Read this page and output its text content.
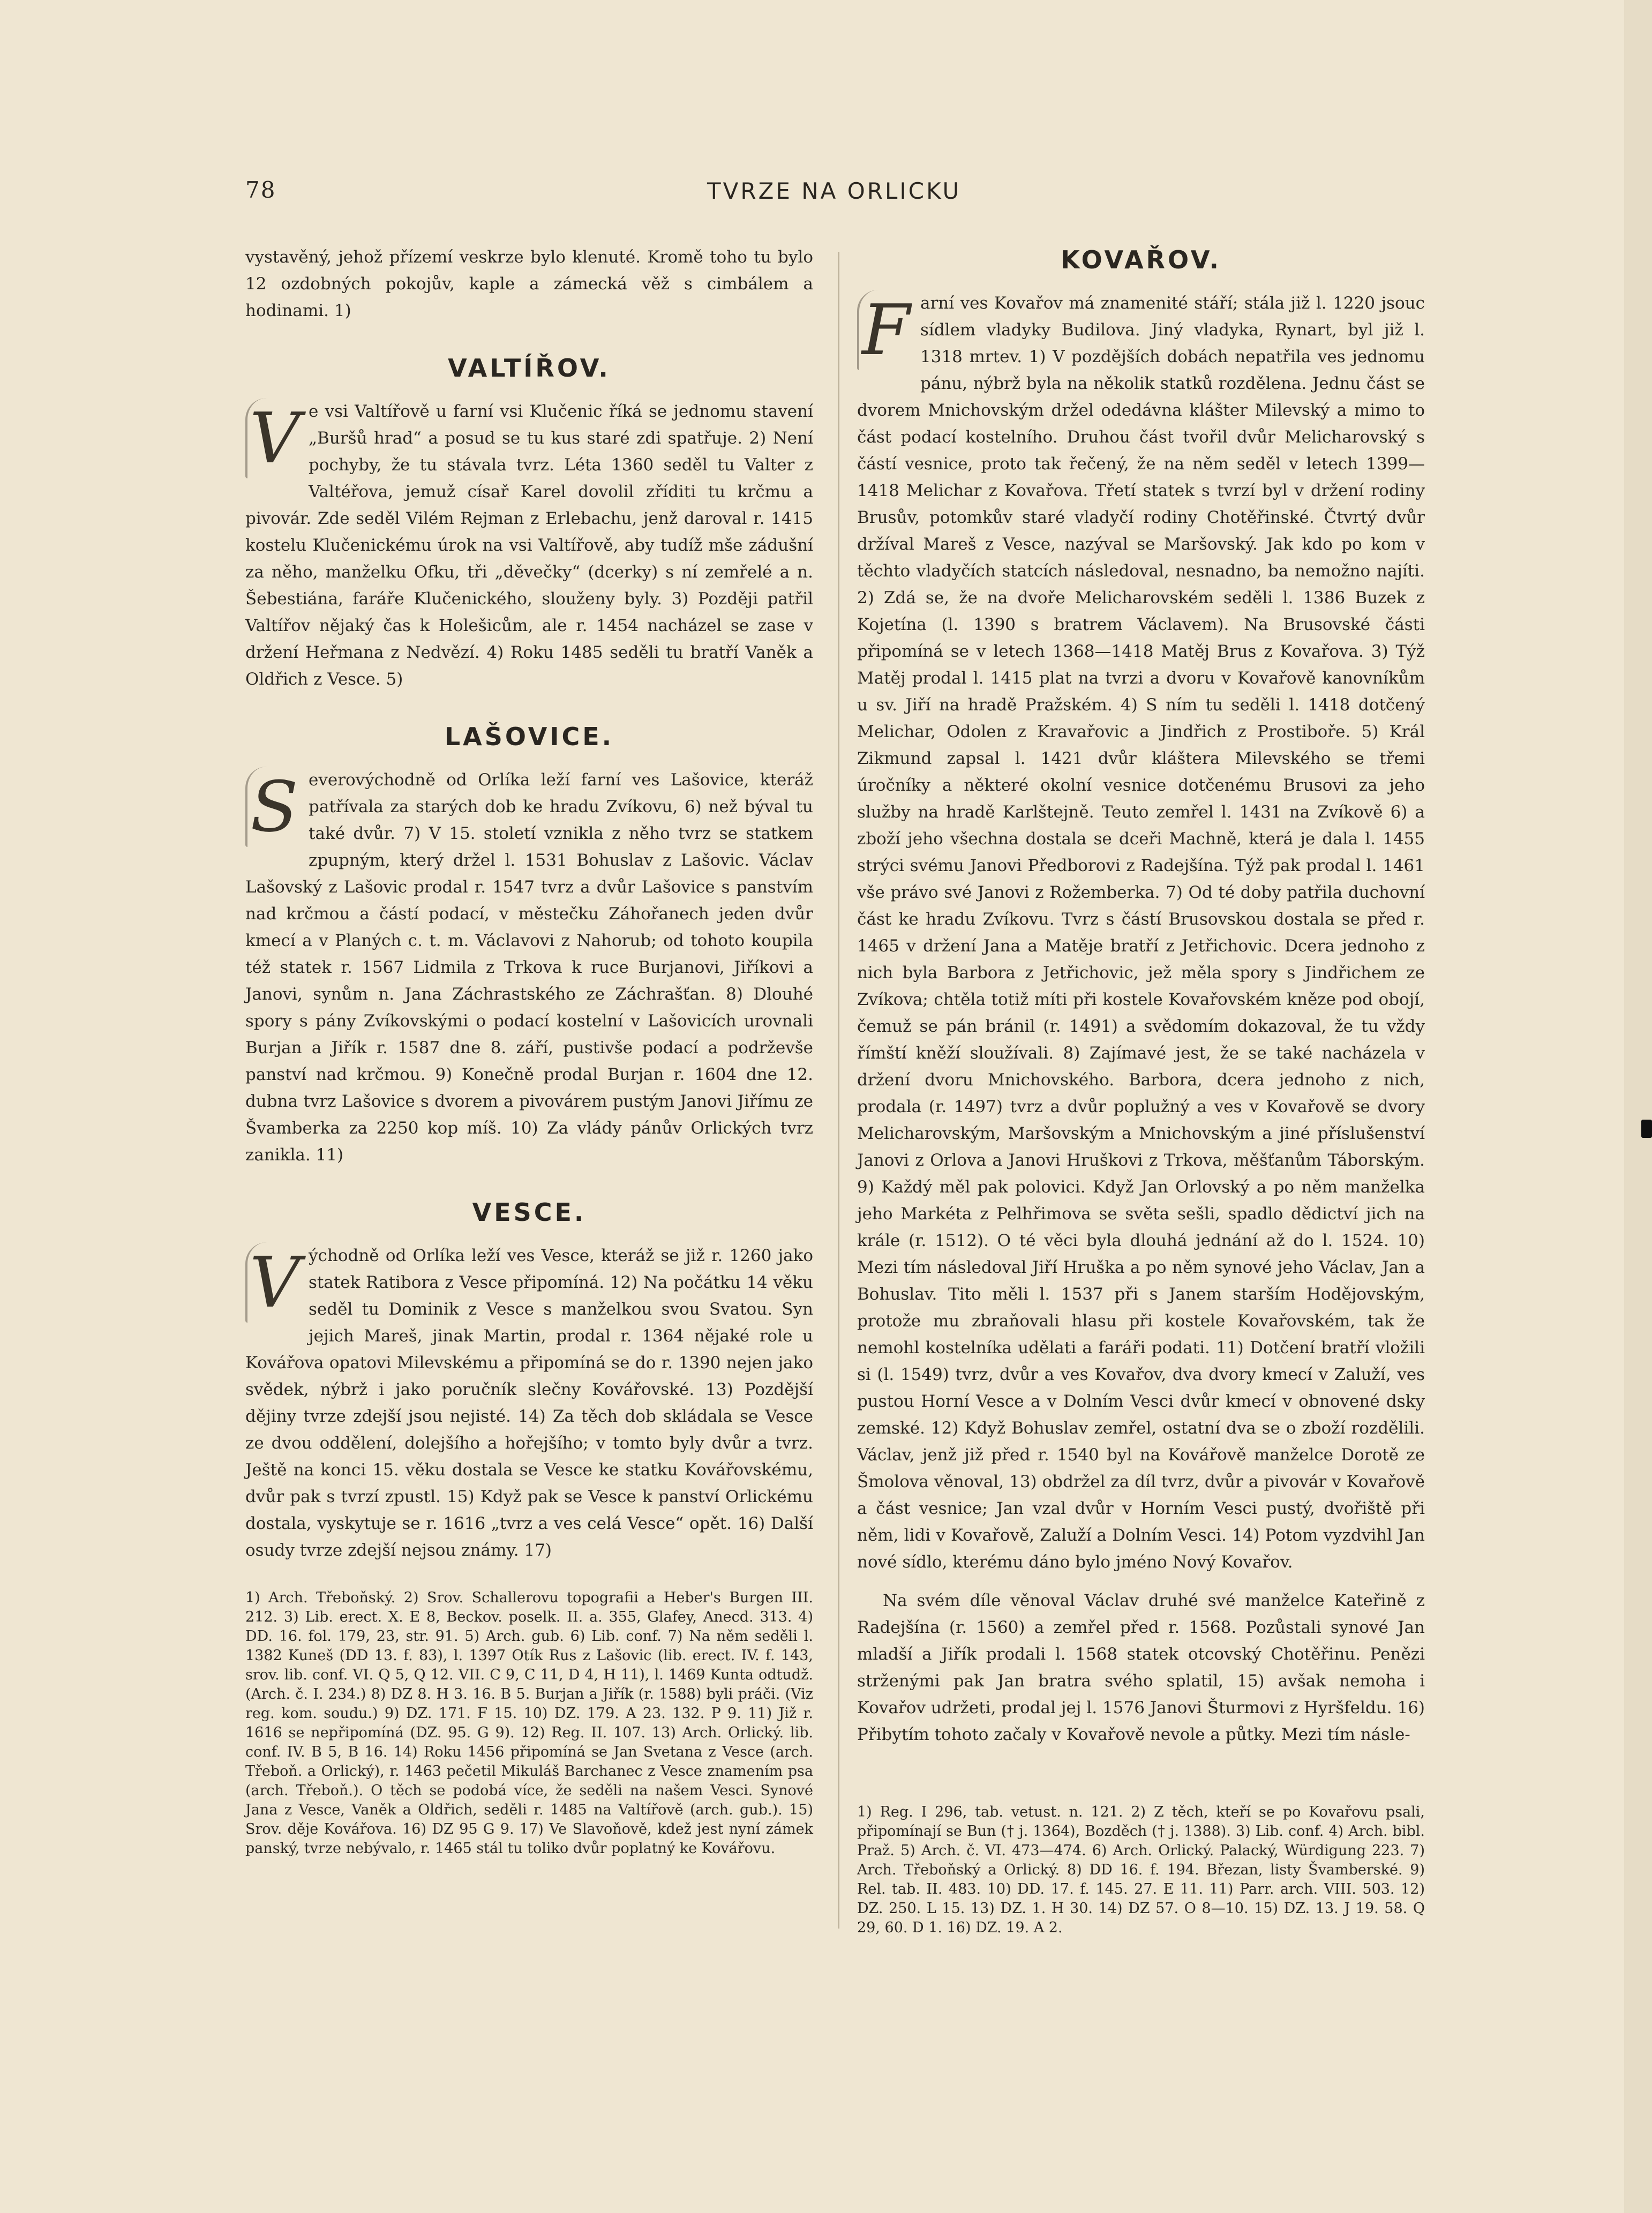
78	TVRZE NA ORLICKU

vystavěný, jehož přízemí veskrze bylo klenuté. Kromě toho tu bylo 12 ozdobných pokojův, kaple a zámecká věž s cimbálem a hodinami. 1)

VALTÍŘOV.
V e vsi Valtířově u farní vsi Klučenic říká se jednomu stavení „Buršů hrad“ a posud se tu kus staré zdi spatřuje. 2) Není pochyby, že tu stávala tvrz. Léta 1360 seděl tu Valter z Valtéřova, jemuž císař Karel dovolil zříditi tu krčmu a pivovár. Zde seděl Vilém Rejman z Erlebachu, jenž daroval r. 1415 kostelu Klučenickému úrok na vsi Valtířově, aby tudíž mše zádušní za něho, manželku Ofku, tři „děvečky“ (dcerky) s ní zemřelé a n. Šebestiána, faráře Klučenického, slouženy byly. 3) Později patřil Valtířov nějaký čas k Holešicům, ale r. 1454 nacházel se zase v držení Heřmana z Nedvězí. 4) Roku 1485 seděli tu bratří Vaněk a Oldřich z Vesce. 5)

LAŠOVICE.
S everovýchodně od Orlíka leží farní ves Lašovice, kteráž patřívala za starých dob ke hradu Zvíkovu, 6) než býval tu také dvůr. 7) V 15. století vznikla z něho tvrz se statkem zpupným, který držel l. 1531 Bohuslav z Lašovic. Václav Lašovský z Lašovic prodal r. 1547 tvrz a dvůr Lašovice s panstvím nad krčmou a částí podací, v městečku Záhořanech jeden dvůr kmecí a v Planých c. t. m. Václavovi z Nahorub; od tohoto koupila též statek r. 1567 Lidmila z Trkova k ruce Burjanovi, Jiříkovi a Janovi, synům n. Jana Záchrastského ze Záchrašťan. 8) Dlouhé spory s pány Zvíkovskými o podací kostelní v Lašovicích urovnali Burjan a Jiřík r. 1587 dne 8. září, pustivše podací a podrževše panství nad krčmou. 9) Konečně prodal Burjan r. 1604 dne 12. dubna tvrz Lašovice s dvorem a pivovárem pustým Janovi Jiřímu ze Švamberka za 2250 kop míš. 10) Za vlády pánův Orlických tvrz zanikla. 11)

VESCE.
V ýchodně od Orlíka leží ves Vesce, kteráž se již r. 1260 jako statek Ratibora z Vesce připomíná. 12) Na počátku 14 věku seděl tu Dominik z Vesce s manželkou svou Svatou. Syn jejich Mareš, jinak Martin, prodal r. 1364 nějaké role u Kovářova opatovi Milevskému a připomíná se do r. 1390 nejen jako svědek, nýbrž i jako poručník slečny Kovářovské. 13) Pozdější dějiny tvrze zdejší jsou nejisté. 14) Za těch dob skládala se Vesce ze dvou oddělení, dolejšího a hořejšího; v tomto byly dvůr a tvrz. Ještě na konci 15. věku dostala se Vesce ke statku Kovářovskému, dvůr pak s tvrzí zpustl. 15) Když pak se Vesce k panství Orlickému dostala, vyskytuje se r. 1616 „tvrz a ves celá Vesce“ opět. 16) Další osudy tvrze zdejší nejsou známy. 17)

1) Arch. Třeboňský. 2) Srov. Schallerovu topografii a Heber's Burgen III. 212. 3) Lib. erect. X. E 8, Beckov. poselk. II. a. 355, Glafey, Anecd. 313. 4) DD. 16. fol. 179, 23, str. 91. 5) Arch. gub. 6) Lib. conf. 7) Na něm seděli l. 1382 Kuneš (DD 13. f. 83), l. 1397 Otík Rus z Lašovic (lib. erect. IV. f. 143, srov. lib. conf. VI. Q 5, Q 12. VII. C 9, C 11, D 4, H 11), l. 1469 Kunta odtudž. (Arch. č. I. 234.) 8) DZ 8. H 3. 16. B 5. Burjan a Jiřík (r. 1588) byli práči. (Viz reg. kom. soudu.) 9) DZ. 171. F 15. 10) DZ. 179. A 23. 132. P 9. 11) Již r. 1616 se nepřipomíná (DZ. 95. G 9). 12) Reg. II. 107. 13) Arch. Orlický. lib. conf. IV. B 5, B 16. 14) Roku 1456 připomíná se Jan Svetana z Vesce (arch. Třeboň. a Orlický), r. 1463 pečetil Mikuláš Barchanec z Vesce znamením psa (arch. Třeboň.). O těch se podobá více, že seděli na našem Vesci. Synové Jana z Vesce, Vaněk a Oldřich, seděli r. 1485 na Valtířově (arch. gub.). 15) Srov. děje Kovářova. 16) DZ 95 G 9. 17) Ve Slavoňově, kdež jest nyní zámek panský, tvrze nebývalo, r. 1465 stál tu toliko dvůr poplatný ke Kovářovu.
KOVAŘOV.
F arní ves Kovařov má znamenité stáří; stála již l. 1220 jsouc sídlem vladyky Budilova. Jiný vladyka, Rynart, byl již l. 1318 mrtev. 1) V pozdějších dobách nepatřila ves jednomu pánu, nýbrž byla na několik statků rozdělena. Jednu část se dvorem Mnichovským držel odedávna klášter Milevský a mimo to část podací kostelního. Druhou část tvořil dvůr Melicharovský s částí vesnice, proto tak řečený, že na něm seděl v letech 1399—1418 Melichar z Kovařova. Třetí statek s tvrzí byl v držení rodiny Brusův, potomkův staré vladyčí rodiny Chotěřinské. Čtvrtý dvůr držíval Mareš z Vesce, nazýval se Maršovský. Jak kdo po kom v těchto vladyčích statcích následoval, nesnadno, ba nemožno najíti. 2) Zdá se, že na dvoře Melicharovském seděli l. 1386 Buzek z Kojetína (l. 1390 s bratrem Václavem). Na Brusovské části připomíná se v letech 1368—1418 Matěj Brus z Kovařova. 3) Týž Matěj prodal l. 1415 plat na tvrzi a dvoru v Kovařově kanovníkům u sv. Jiří na hradě Pražském. 4) S ním tu seděli l. 1418 dotčený Melichar, Odolen z Kravařovic a Jindřich z Prostiboře. 5) Král Zikmund zapsal l. 1421 dvůr kláštera Milevského se třemi úročníky a některé okolní vesnice dotčenému Brusovi za jeho služby na hradě Karlštejně. Teuto zemřel l. 1431 na Zvíkově 6) a zboží jeho všechna dostala se dceři Machně, která je dala l. 1455 strýci svému Janovi Předborovi z Radejšína. Týž pak prodal l. 1461 vše právo své Janovi z Rožemberka. 7) Od té doby patřila duchovní část ke hradu Zvíkovu. Tvrz s částí Brusovskou dostala se před r. 1465 v držení Jana a Matěje bratří z Jetřichovic. Dcera jednoho z nich byla Barbora z Jetřichovic, jež měla spory s Jindřichem ze Zvíkova; chtěla totiž míti při kostele Kovařovském kněze pod obojí, čemuž se pán bránil (r. 1491) a svědomím dokazoval, že tu vždy římští kněží sloužívali. 8) Zajímavé jest, že se také nacházela v držení dvoru Mnichovského. Barbora, dcera jednoho z nich, prodala (r. 1497) tvrz a dvůr poplužný a ves v Kovařově se dvory Melicharovským, Maršovským a Mnichovským a jiné příslušenství Janovi z Orlova a Janovi Hruškovi z Trkova, měšťanům Táborským. 9) Každý měl pak polovici. Když Jan Orlovský a po něm manželka jeho Markéta z Pelhřimova se světa sešli, spadlo dědictví jich na krále (r. 1512). O té věci byla dlouhá jednání až do l. 1524. 10) Mezi tím následoval Jiří Hruška a po něm synové jeho Václav, Jan a Bohuslav. Tito měli l. 1537 při s Janem starším Hodějovským, protože mu zbraňovali hlasu při kostele Kovařovském, tak že nemohl kostelníka udělati a faráři podati. 11) Dotčení bratří vložili si (l. 1549) tvrz, dvůr a ves Kovařov, dva dvory kmecí v Zaluží, ves pustou Horní Vesce a v Dolním Vesci dvůr kmecí v obnovené dsky zemské. 12) Když Bohuslav zemřel, ostatní dva se o zboží rozdělili. Václav, jenž již před r. 1540 byl na Kovářově manželce Dorotě ze Šmolova věnoval, 13) obdržel za díl tvrz, dvůr a pivovár v Kovařově a část vesnice; Jan vzal dvůr v Horním Vesci pustý, dvořiště při něm, lidi v Kovařově, Zaluží a Dolním Vesci. 14) Potom vyzdvihl Jan nové sídlo, kterému dáno bylo jméno Nový Kovařov.

Na svém díle věnoval Václav druhé své manželce Kateřině z Radejšína (r. 1560) a zemřel před r. 1568. Pozůstali synové Jan mladší a Jiřík prodali l. 1568 statek otcovský Chotěřinu. Penězi strženými pak Jan bratra svého splatil, 15) avšak nemoha i Kovařov udržeti, prodal jej l. 1576 Janovi Šturmovi z Hyršfeldu. 16) Přibytím tohoto začaly v Kovařově nevole a půtky. Mezi tím násle-

1) Reg. I 296, tab. vetust. n. 121. 2) Z těch, kteří se po Kovařovu psali, připomínají se Bun († j. 1364), Bozděch († j. 1388). 3) Lib. conf. 4) Arch. bibl. Praž. 5) Arch. č. VI. 473—474. 6) Arch. Orlický. Palacký, Würdigung 223. 7) Arch. Třeboňský a Orlický. 8) DD 16. f. 194. Březan, listy Švamberské. 9) Rel. tab. II. 483. 10) DD. 17. f. 145. 27. E 11. 11) Parr. arch. VIII. 503. 12) DZ. 250. L 15. 13) DZ. 1. H 30. 14) DZ 57. O 8—10. 15) DZ. 13. J 19. 58. Q 29, 60. D 1. 16) DZ. 19. A 2.
